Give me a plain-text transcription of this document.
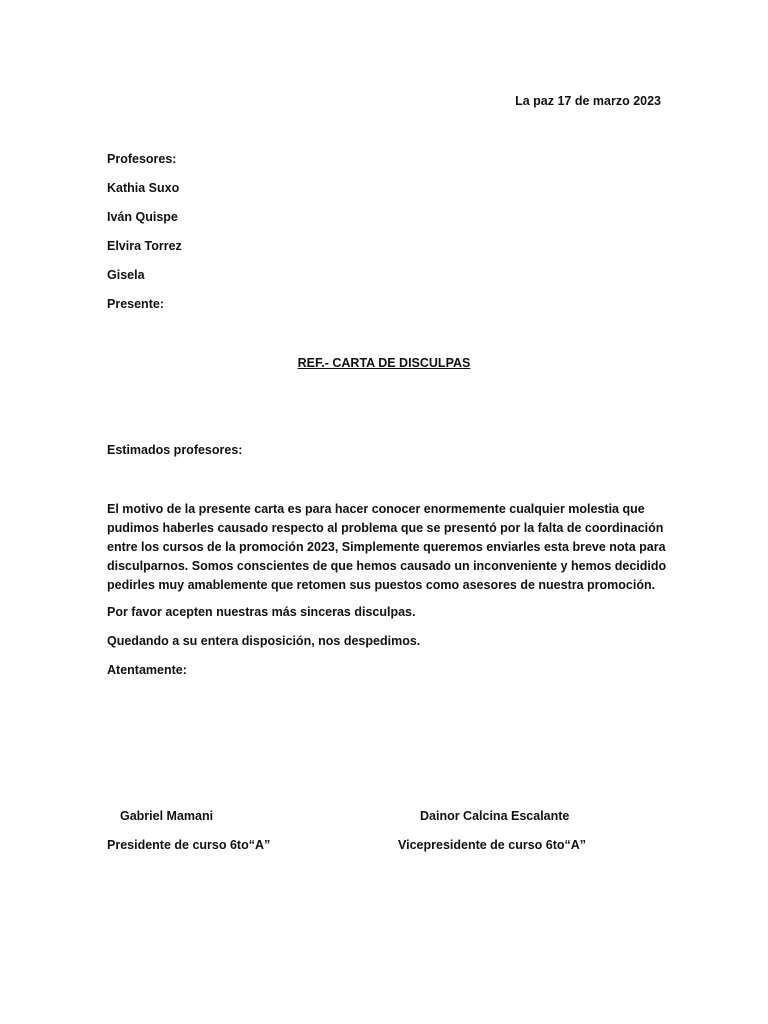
La paz 17 de marzo 2023
Profesores:
Kathia Suxo
Iván Quispe
Elvira Torrez
Gisela
Presente:
REF.- CARTA DE DISCULPAS
Estimados profesores:
El motivo de la presente carta es para hacer conocer enormemente cualquier molestia que
pudimos haberles causado respecto al problema que se presentó por la falta de coordinación
entre los cursos de la promoción 2023, Simplemente queremos enviarles esta breve nota para
disculparnos. Somos conscientes de que hemos causado un inconveniente y hemos decidido
pedirles muy amablemente que retomen sus puestos como asesores de nuestra promoción.
Por favor acepten nuestras más sinceras disculpas.
Quedando a su entera disposición, nos despedimos.
Atentamente:
Gabriel Mamani
Presidente de curso 6to“A”
Dainor Calcina Escalante
Vicepresidente de curso 6to“A”
